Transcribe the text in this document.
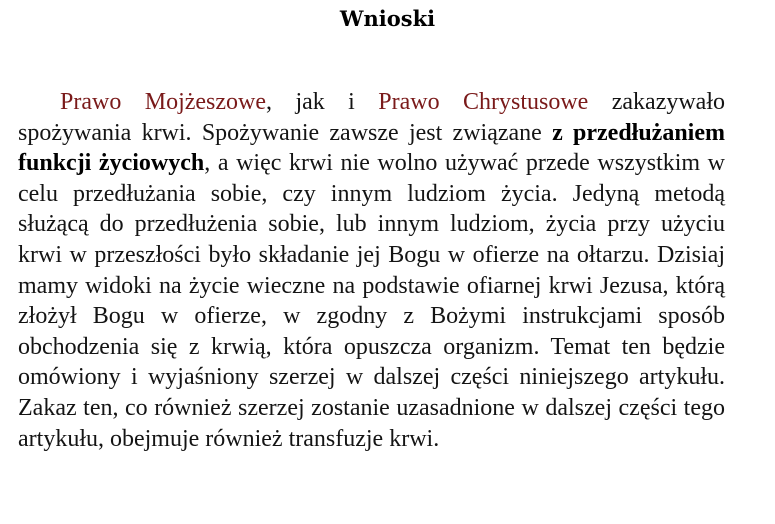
Wnioski

Prawo Mojżeszowe, jak i Prawo Chrystusowe zakazywało spożywania krwi. Spożywanie zawsze jest związane z przedłużaniem funkcji życiowych, a więc krwi nie wolno używać przede wszystkim w celu przedłużania sobie, czy innym ludziom życia. Jedyną metodą służącą do przedłużenia sobie, lub innym ludziom, życia przy użyciu krwi w przeszłości było składanie jej Bogu w ofierze na ołtarzu. Dzisiaj mamy widoki na życie wieczne na podstawie ofiarnej krwi Jezusa, którą złożył Bogu w ofierze, w zgodny z Bożymi instrukcjami sposób obchodzenia się z krwią, która opuszcza organizm. Temat ten będzie omówiony i wyjaśniony szerzej w dalszej części niniejszego artykułu. Zakaz ten, co również szerzej zostanie uzasadnione w dalszej części tego artykułu, obejmuje również transfuzje krwi.
